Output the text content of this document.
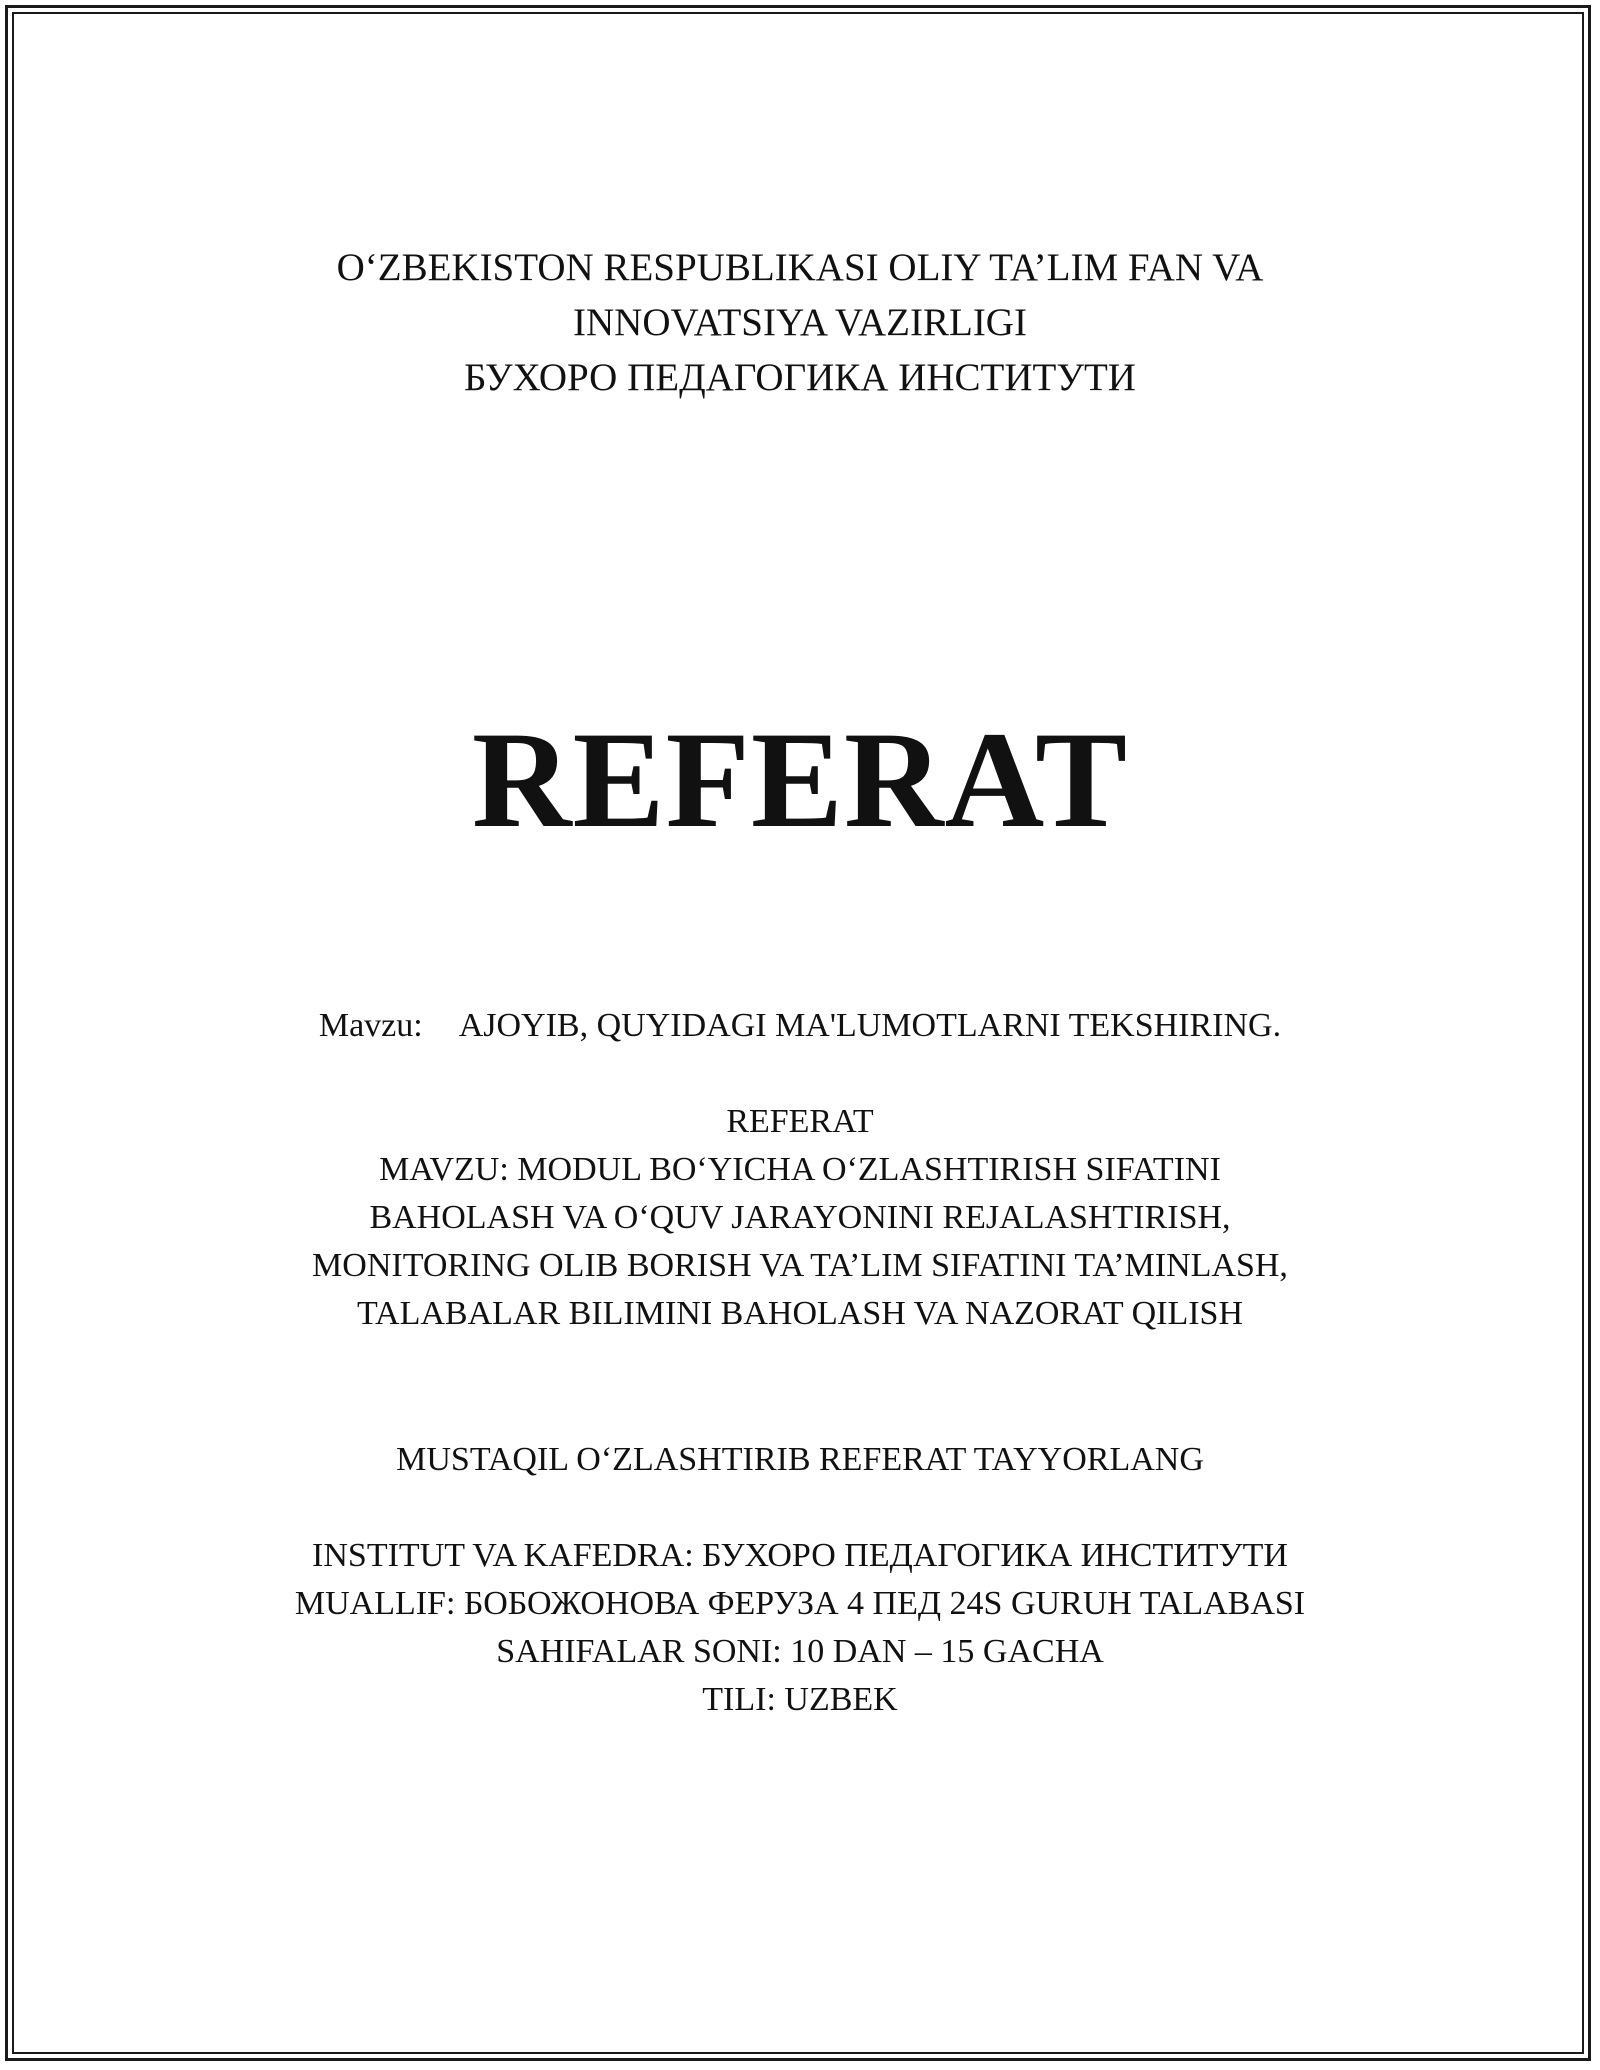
O‘ZBEKISTON RESPUBLIKASI OLIY TA’LIM FAN VA
INNOVATSIYA VAZIRLIGI
БУХОРО ПЕДАГОГИКА ИНСТИТУТИ
REFERAT
Mavzu: AJOYIB, QUYIDAGI MA'LUMOTLARNI TEKSHIRING.
REFERAT
MAVZU: MODUL BO‘YICHA O‘ZLASHTIRISH SIFATINI
BAHOLASH VA O‘QUV JARAYONINI REJALASHTIRISH,
MONITORING OLIB BORISH VA TA’LIM SIFATINI TA’MINLASH,
TALABALAR BILIMINI BAHOLASH VA NAZORAT QILISH
MUSTAQIL O‘ZLASHTIRIB REFERAT TAYYORLANG
INSTITUT VA KAFEDRA: БУХОРО ПЕДАГОГИКА ИНСТИТУТИ
MUALLIF: БОБОЖОНОВА ФЕРУЗА 4 ПЕД 24S GURUH TALABASI
SAHIFALAR SONI: 10 DAN – 15 GACHA
TILI: UZBEK
